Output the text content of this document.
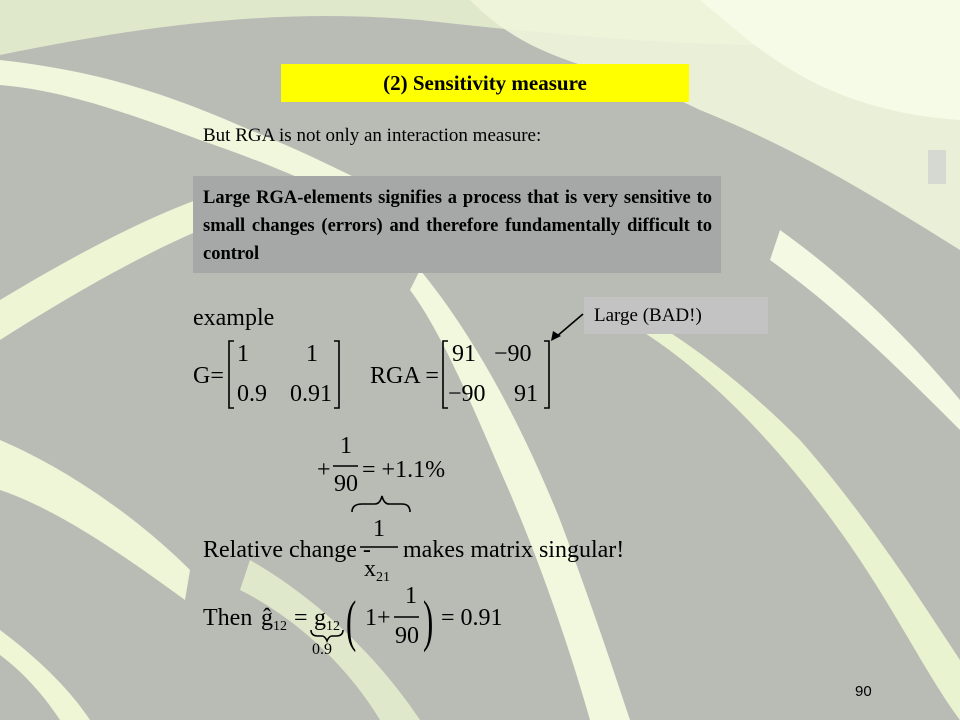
(2) Sensitivity measure
But RGA is not only an interaction measure:
Large RGA-elements signifies a process that is very sensitive to small changes (errors) and therefore fundamentally difficult to control
example
G=
1 1
0.9 0.91
RGA =
91 −90
−90 91
Large (BAD!)
+
1
90
= +1.1%
Relative change -
1
$x_{21}$
makes matrix singular!
Then $ĝ_{12} = g_{12}$
0.9 ( 1+
1
90 ) = 0.91
90
